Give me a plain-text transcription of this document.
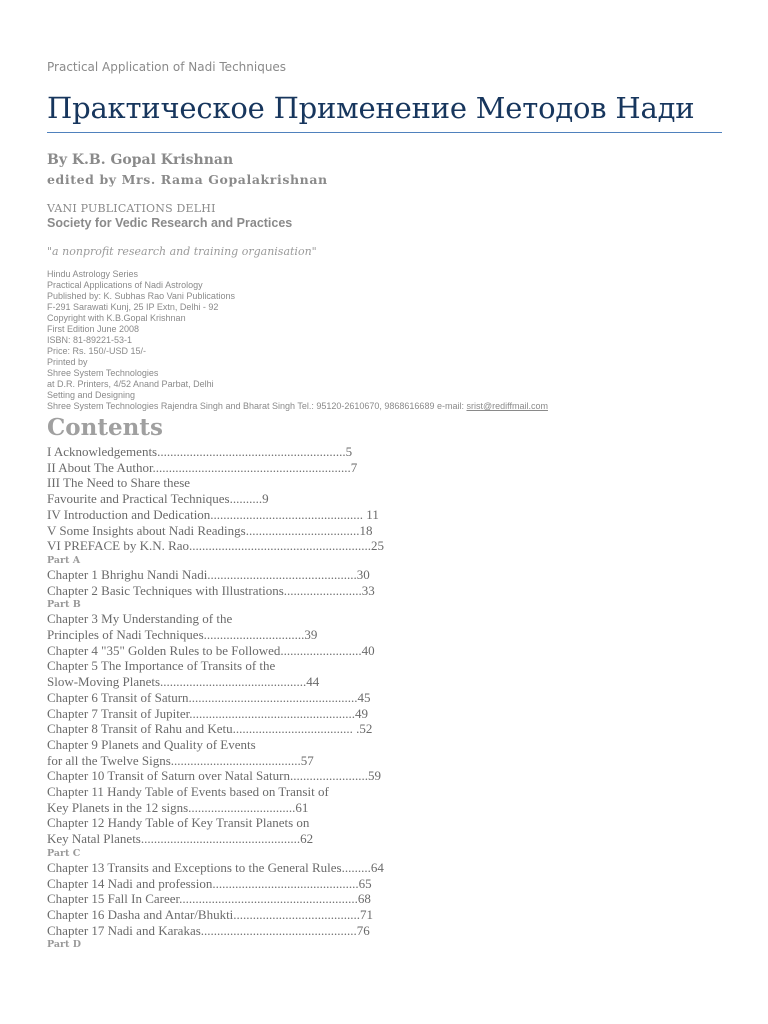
Practical Application of Nadi Techniques
Практическое Применение Методов Нади
By K.B. Gopal Krishnan
edited by Mrs. Rama Gopalakrishnan
VANI PUBLICATIONS DELHI
Society for Vedic Research and Practices
"a nonprofit research and training organisation"
Hindu Astrology Series
Practical Applications of Nadi Astrology
Published by: K. Subhas Rao Vani Publications
F-291 Sarawati Kunj, 25 IP Extn, Delhi - 92
Copyright with K.B.Gopal Krishnan
First Edition June 2008
ISBN: 81-89221-53-1
Price: Rs. 150/-USD 15/-
Printed by
Shree System Technologies
at D.R. Printers, 4/52 Anand Parbat, Delhi
Setting and Designing
Shree System Technologies Rajendra Singh and Bharat Singh Tel.: 95120-2610670, 9868616689 e-mail: srist@rediffmail.com
Contents
I Acknowledgements..........................................................5
II About The Author.............................................................7
III The Need to Share these
Favourite and Practical Techniques..........9
IV Introduction and Dedication............................................... 11
V Some Insights about Nadi Readings...................................18
VI PREFACE by K.N. Rao........................................................25
Part A
Chapter 1 Bhrighu Nandi Nadi..............................................30
Chapter 2 Basic Techniques with Illustrations........................33
Part B
Chapter 3 My Understanding of the
Principles of Nadi Techniques...............................39
Chapter 4 "35" Golden Rules to be Followed.........................40
Chapter 5 The Importance of Transits of the
Slow-Moving Planets.............................................44
Chapter 6 Transit of Saturn....................................................45
Chapter 7 Transit of Jupiter...................................................49
Chapter 8 Transit of Rahu and Ketu..................................... .52
Chapter 9 Planets and Quality of Events
for all the Twelve Signs........................................57
Chapter 10 Transit of Saturn over Natal Saturn........................59
Chapter 11 Handy Table of Events based on Transit of
Key Planets in the 12 signs.................................61
Chapter 12 Handy Table of Key Transit Planets on
Key Natal Planets.................................................62
Part C
Chapter 13 Transits and Exceptions to the General Rules.........64
Chapter 14 Nadi and profession.............................................65
Chapter 15 Fall In Career.......................................................68
Chapter 16 Dasha and Antar/Bhukti.......................................71
Chapter 17 Nadi and Karakas................................................76
Part D
